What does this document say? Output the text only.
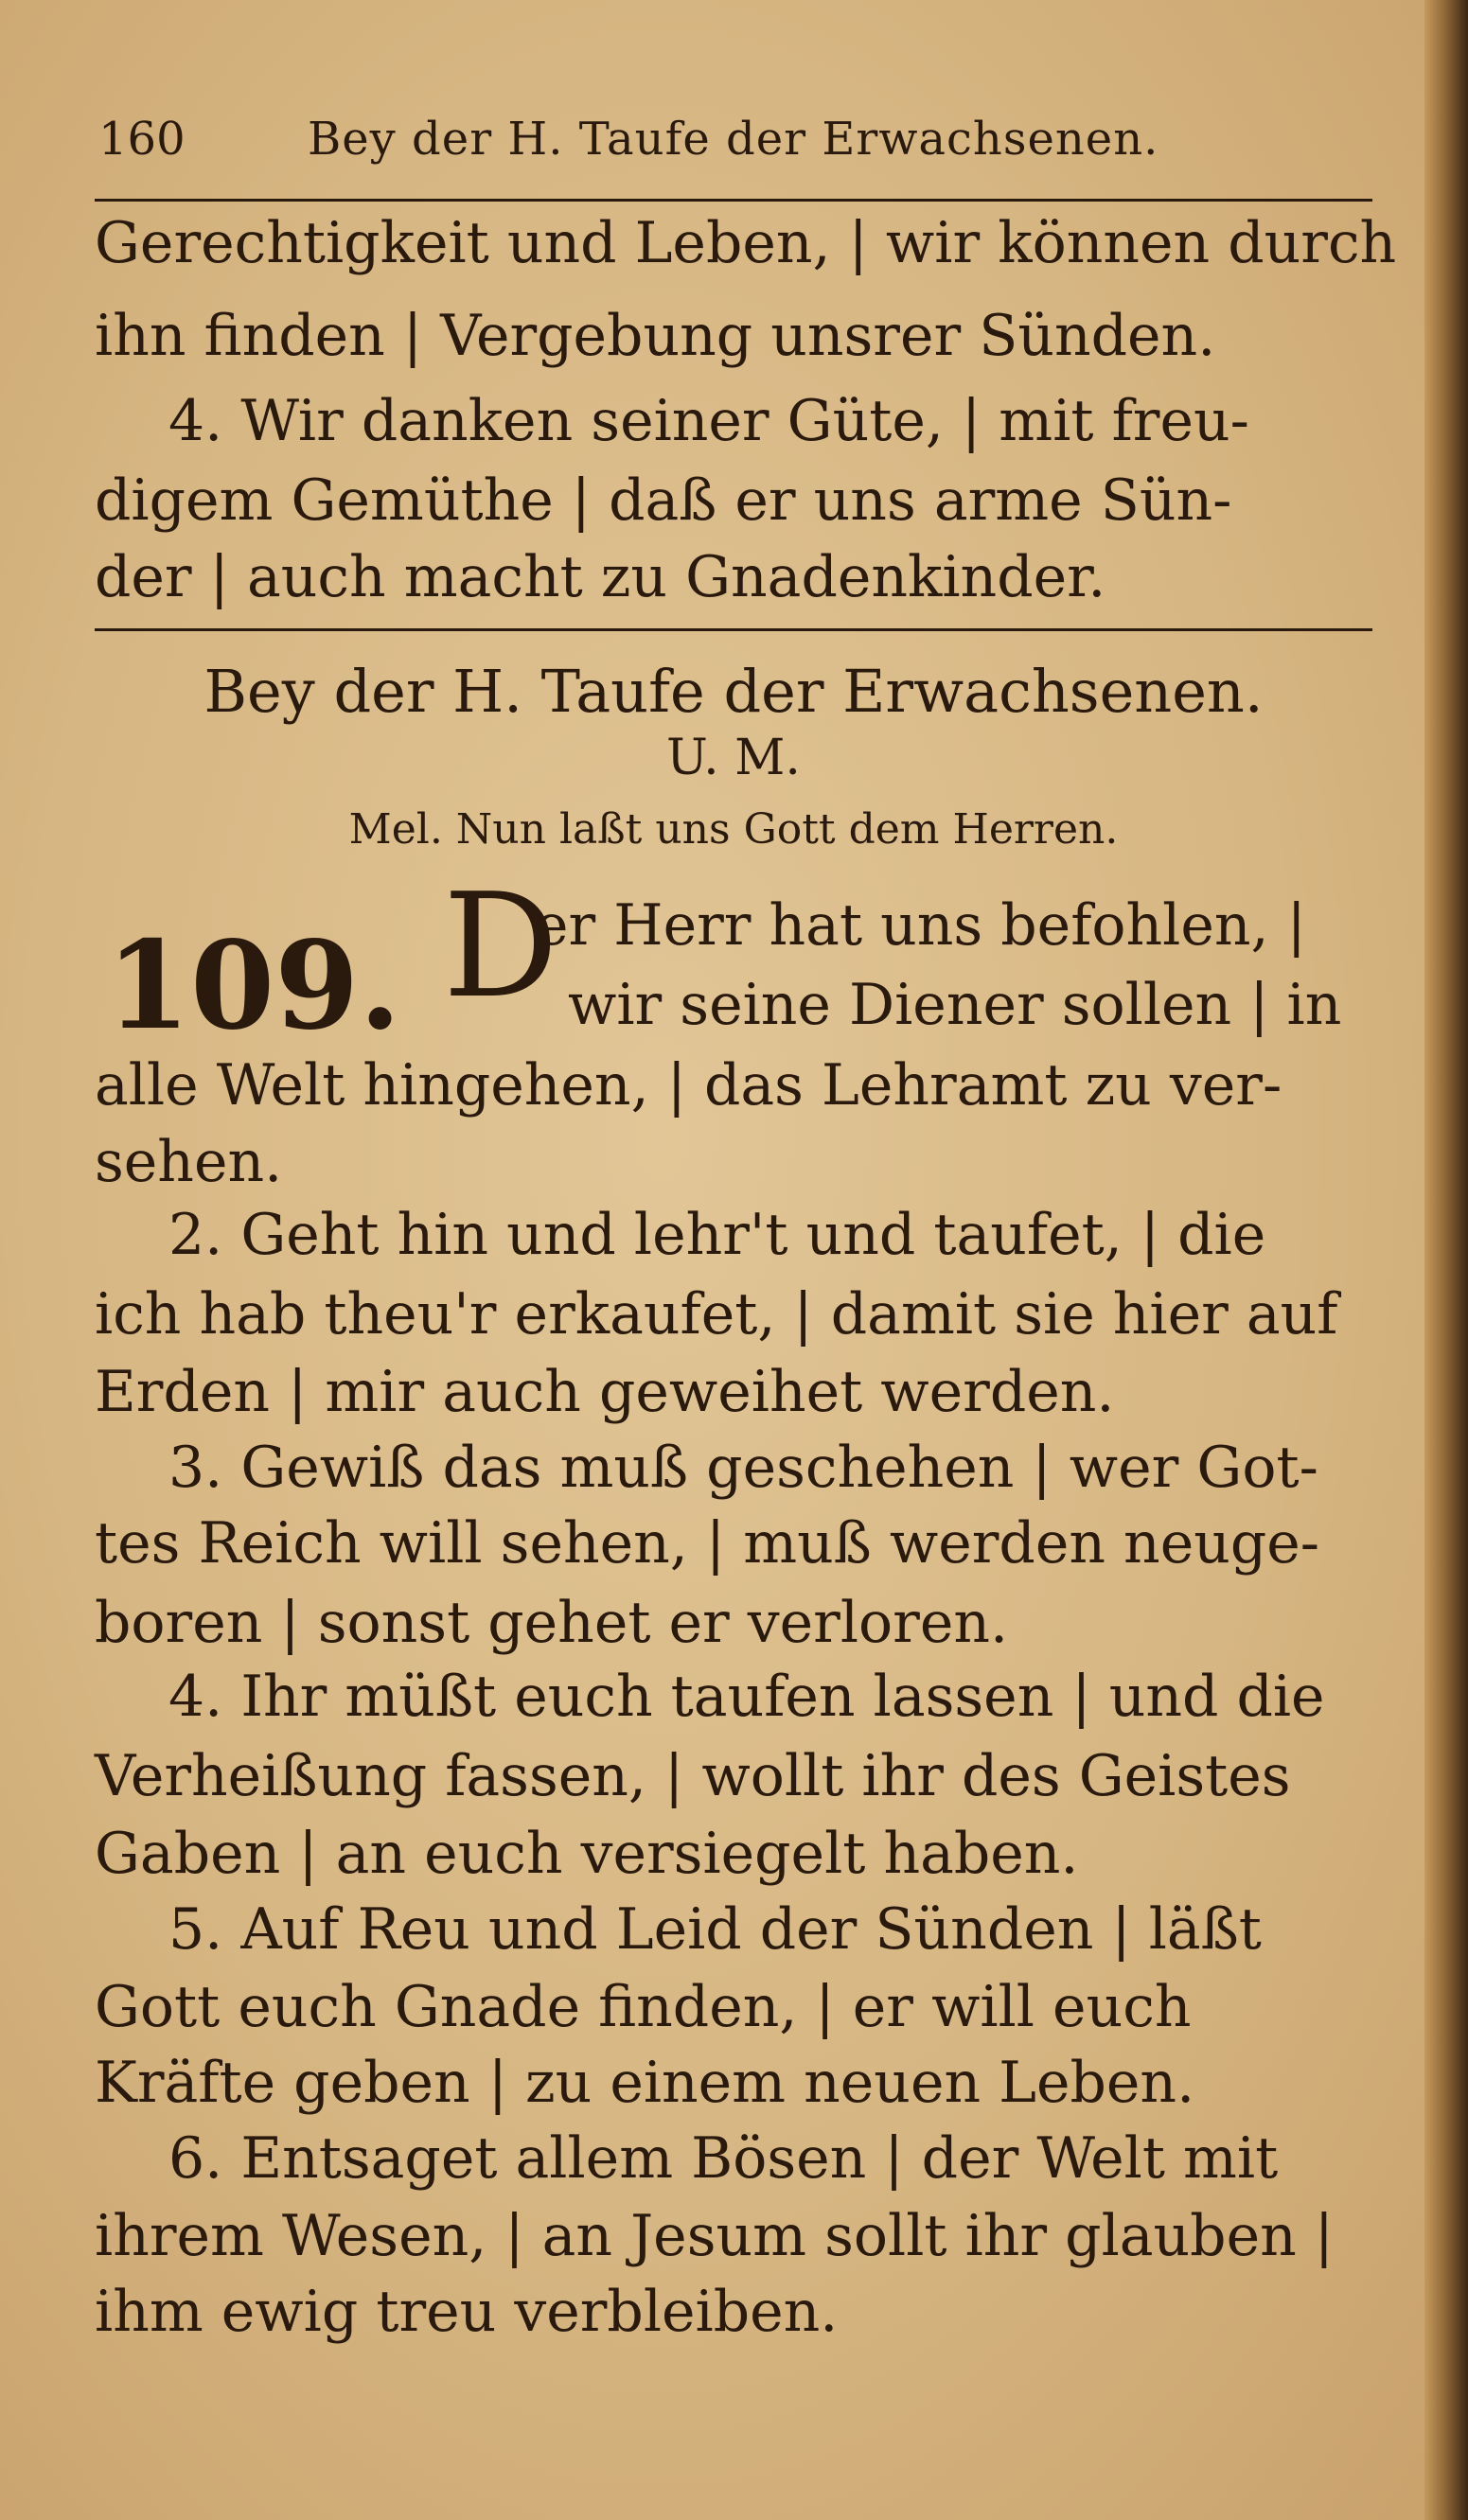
160	Bey der H. Taufe der Erwachsenen.
Gerechtigkeit und Leben, | wir können durch
ihn finden | Vergebung unsrer Sünden.
4. Wir danken seiner Güte, | mit freu-
digem Gemüthe | daß er uns arme Sün-
der | auch macht zu Gnadenkinder.
Bey der H. Taufe der Erwachsenen.
U. M.
Mel. Nun laßt uns Gott dem Herren.
109. D
er Herr hat uns befohlen, |
wir seine Diener sollen | in
alle Welt hingehen, | das Lehramt zu ver-
sehen.
2. Geht hin und lehr't und taufet, | die
ich hab theu'r erkaufet, | damit sie hier auf
Erden | mir auch geweihet werden.
3. Gewiß das muß geschehen | wer Got-
tes Reich will sehen, | muß werden neuge-
boren | sonst gehet er verloren.
4. Ihr müßt euch taufen lassen | und die
Verheißung fassen, | wollt ihr des Geistes
Gaben | an euch versiegelt haben.
5. Auf Reu und Leid der Sünden | läßt
Gott euch Gnade finden, | er will euch
Kräfte geben | zu einem neuen Leben.
6. Entsaget allem Bösen | der Welt mit
ihrem Wesen, | an Jesum sollt ihr glauben |
ihm ewig treu verbleiben.
